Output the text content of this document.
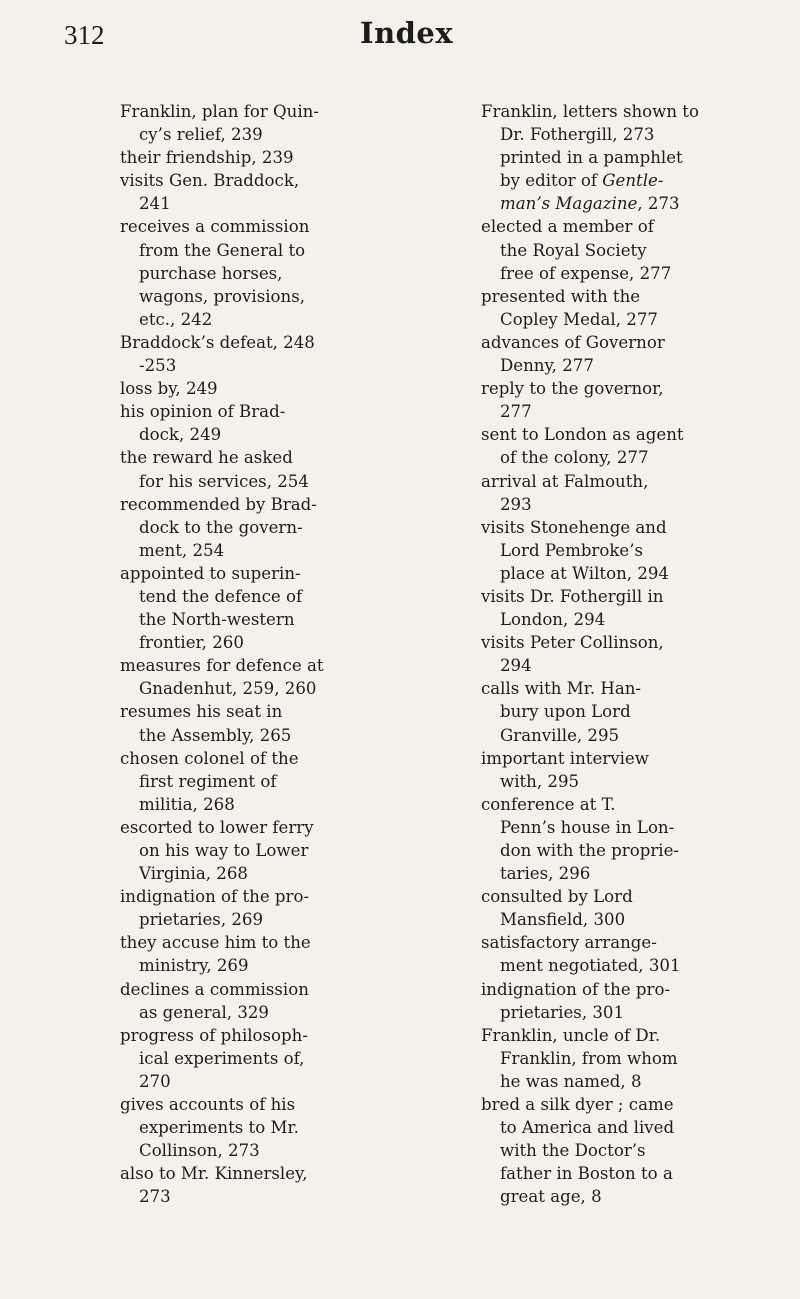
312	Index
Franklin, plan for Quin-
cy’s relief, 239
their friendship, 239
visits Gen. Braddock,
241
receives a commission
from the General to
purchase horses,
wagons, provisions,
etc., 242
Braddock’s defeat, 248
-253
loss by, 249
his opinion of Brad-
dock, 249
the reward he asked
for his services, 254
recommended by Brad-
dock to the govern-
ment, 254
appointed to superin-
tend the defence of
the North-western
frontier, 260
measures for defence at
Gnadenhut, 259, 260
resumes his seat in
the Assembly, 265
chosen colonel of the
first regiment of
militia, 268
escorted to lower ferry
on his way to Lower
Virginia, 268
indignation of the pro-
prietaries, 269
they accuse him to the
ministry, 269
declines a commission
as general, 329
progress of philosoph-
ical experiments of,
270
gives accounts of his
experiments to Mr.
Collinson, 273
also to Mr. Kinnersley,
273
Franklin, letters shown to
Dr. Fothergill, 273
printed in a pamphlet
by editor of Gentle-
man’s Magazine, 273
elected a member of
the Royal Society
free of expense, 277
presented with the
Copley Medal, 277
advances of Governor
Denny, 277
reply to the governor,
277
sent to London as agent
of the colony, 277
arrival at Falmouth,
293
visits Stonehenge and
Lord Pembroke’s
place at Wilton, 294
visits Dr. Fothergill in
London, 294
visits Peter Collinson,
294
calls with Mr. Han-
bury upon Lord
Granville, 295
important interview
with, 295
conference at T.
Penn’s house in Lon-
don with the proprie-
taries, 296
consulted by Lord
Mansfield, 300
satisfactory arrange-
ment negotiated, 301
indignation of the pro-
prietaries, 301
Franklin, uncle of Dr.
Franklin, from whom
he was named, 8
bred a silk dyer ; came
to America and lived
with the Doctor’s
father in Boston to a
great age, 8
